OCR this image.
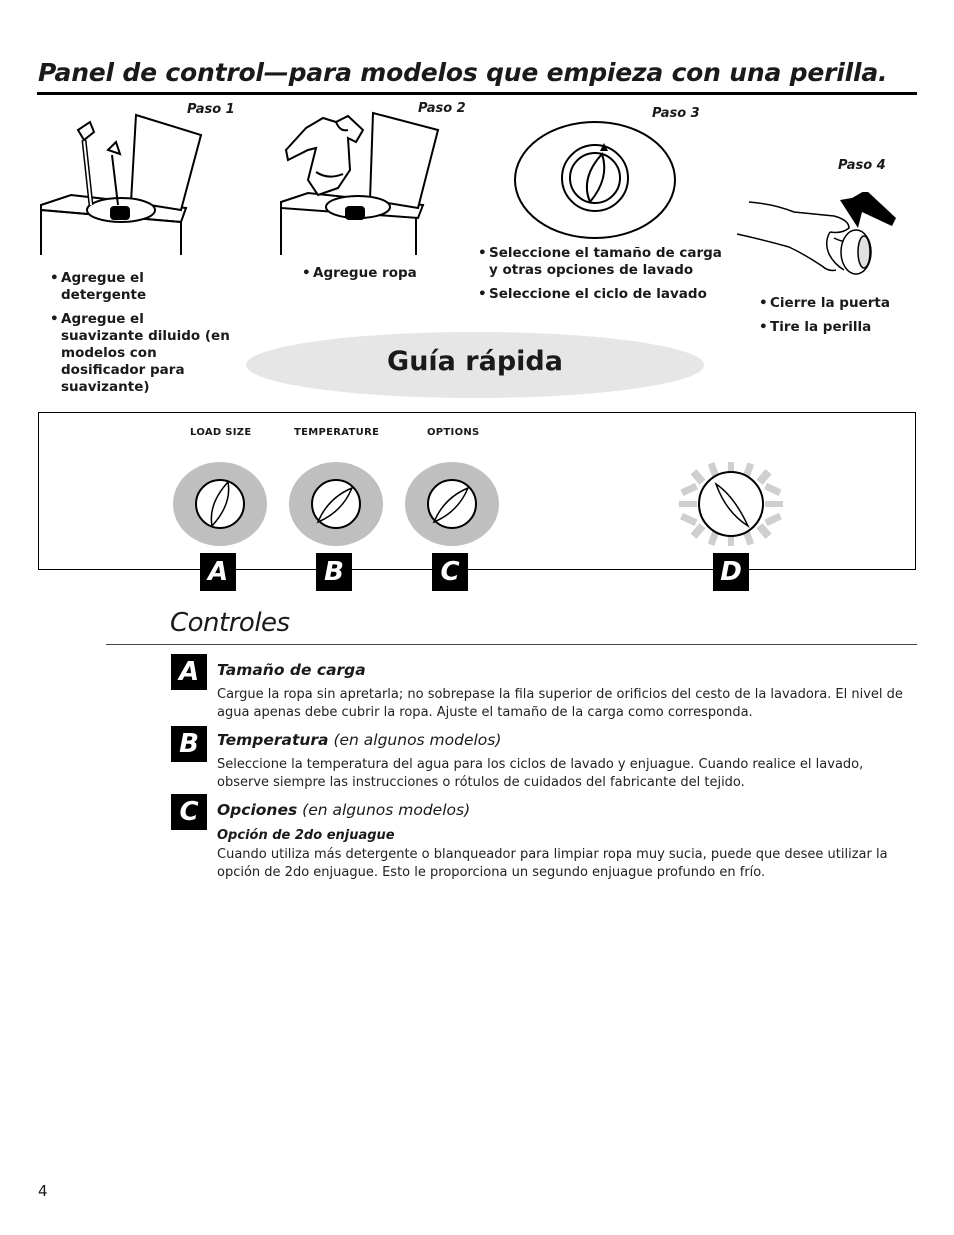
Panel de control—para modelos que empieza con una perilla.
Paso 1	Paso 2	Paso 3
Paso 4
• Agregue el detergente
• Agregue el suavizante diluido (en modelos con dosificador para suavizante)
• Agregue ropa
• Seleccione el tamaño de carga y otras opciones de lavado
• Seleccione el ciclo de lavado
• Cierre la puerta
• Tire la perilla
Guía rápida
LOAD SIZE	TEMPERATURE	OPTIONS
A	B	C	D
Controles
A	Tamaño de carga
Cargue la ropa sin apretarla; no sobrepase la fila superior de orificios del cesto de la lavadora. El nivel de agua apenas debe cubrir la ropa. Ajuste el tamaño de la carga como corresponda.
B	Temperatura (en algunos modelos)
Seleccione la temperatura del agua para los ciclos de lavado y enjuague. Cuando realice el lavado, observe siempre las instrucciones o rótulos de cuidados del fabricante del tejido.
C	Opciones (en algunos modelos)
Opción de 2do enjuague
Cuando utiliza más detergente o blanqueador para limpiar ropa muy sucia, puede que desee utilizar la opción de 2do enjuague. Esto le proporciona un segundo enjuague profundo en frío.
4
